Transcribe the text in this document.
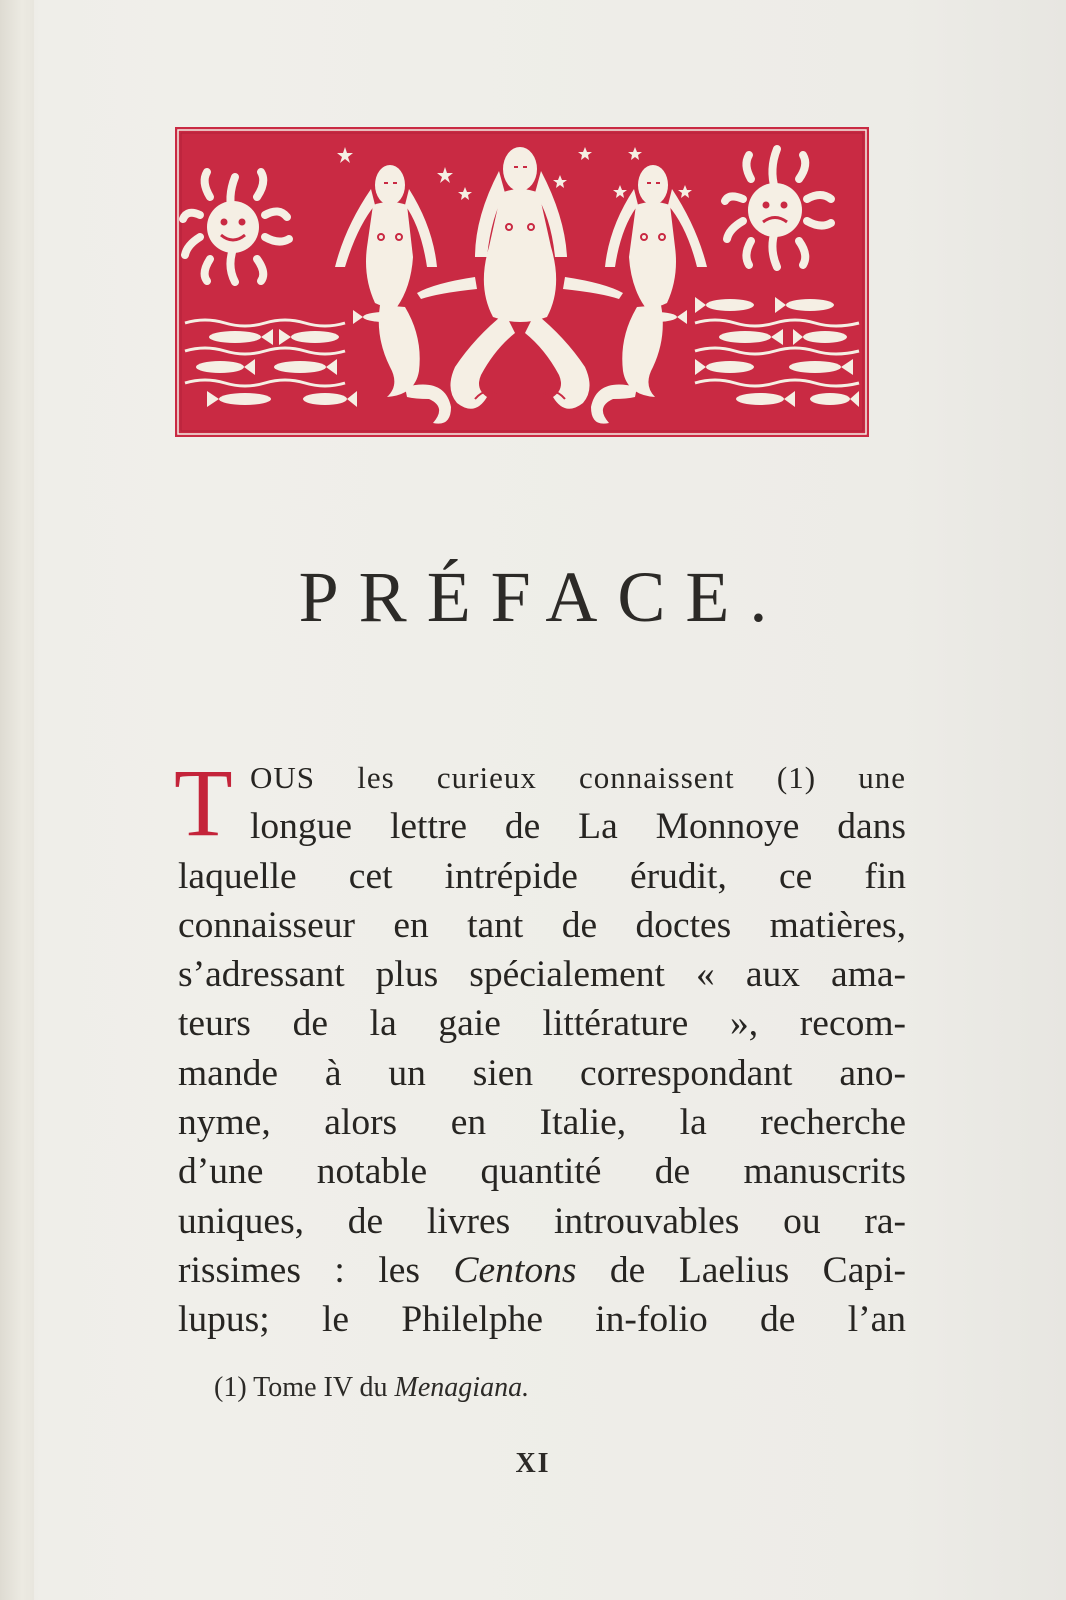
PRÉFACE.
T OUS les curieux connaissent (1) une
longue lettre de La Monnoye dans
laquelle cet intrépide érudit, ce fin
connaisseur en tant de doctes matières,
s’adressant plus spécialement « aux ama-
teurs de la gaie littérature », recom-
mande à un sien correspondant ano-
nyme, alors en Italie, la recherche
d’une notable quantité de manuscrits
uniques, de livres introuvables ou ra-
rissimes : les Centons de Laelius Capi-
lupus; le Philelphe in-folio de l’an
(1) Tome IV du Menagiana.
XI
